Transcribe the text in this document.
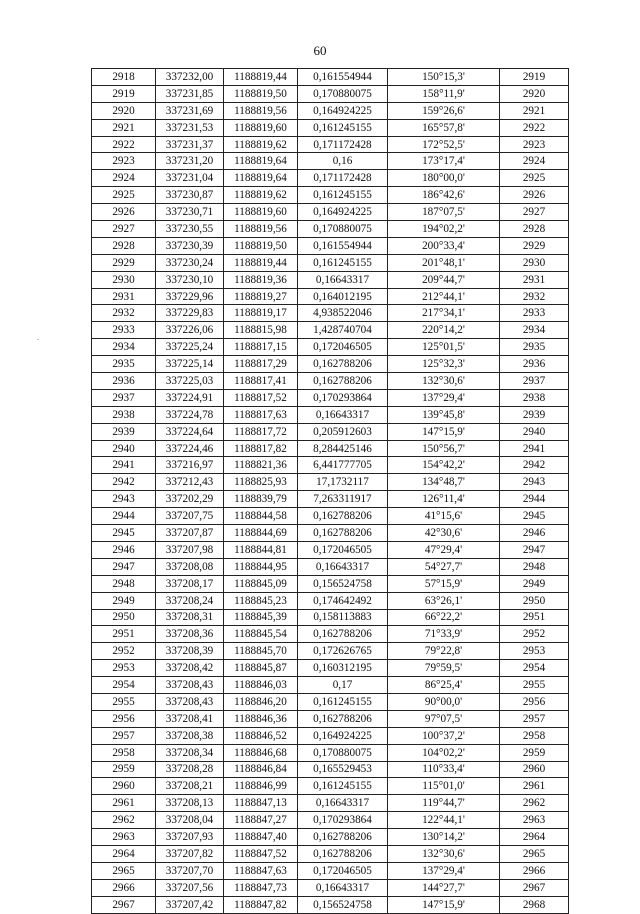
60
.
2918	337232,00	1188819,44	0,161554944	150°15,3'	2919
2919	337231,85	1188819,50	0,170880075	158°11,9'	2920
2920	337231,69	1188819,56	0,164924225	159°26,6'	2921
2921	337231,53	1188819,60	0,161245155	165°57,8'	2922
2922	337231,37	1188819,62	0,171172428	172°52,5'	2923
2923	337231,20	1188819,64	0,16	173°17,4'	2924
2924	337231,04	1188819,64	0,171172428	180°00,0'	2925
2925	337230,87	1188819,62	0,161245155	186°42,6'	2926
2926	337230,71	1188819,60	0,164924225	187°07,5'	2927
2927	337230,55	1188819,56	0,170880075	194°02,2'	2928
2928	337230,39	1188819,50	0,161554944	200°33,4'	2929
2929	337230,24	1188819,44	0,161245155	201°48,1'	2930
2930	337230,10	1188819,36	0,16643317	209°44,7'	2931
2931	337229,96	1188819,27	0,164012195	212°44,1'	2932
2932	337229,83	1188819,17	4,938522046	217°34,1'	2933
2933	337226,06	1188815,98	1,428740704	220°14,2'	2934
2934	337225,24	1188817,15	0,172046505	125°01,5'	2935
2935	337225,14	1188817,29	0,162788206	125°32,3'	2936
2936	337225,03	1188817,41	0,162788206	132°30,6'	2937
2937	337224,91	1188817,52	0,170293864	137°29,4'	2938
2938	337224,78	1188817,63	0,16643317	139°45,8'	2939
2939	337224,64	1188817,72	0,205912603	147°15,9'	2940
2940	337224,46	1188817,82	8,284425146	150°56,7'	2941
2941	337216,97	1188821,36	6,441777705	154°42,2'	2942
2942	337212,43	1188825,93	17,1732117	134°48,7'	2943
2943	337202,29	1188839,79	7,263311917	126°11,4'	2944
2944	337207,75	1188844,58	0,162788206	41°15,6'	2945
2945	337207,87	1188844,69	0,162788206	42°30,6'	2946
2946	337207,98	1188844,81	0,172046505	47°29,4'	2947
2947	337208,08	1188844,95	0,16643317	54°27,7'	2948
2948	337208,17	1188845,09	0,156524758	57°15,9'	2949
2949	337208,24	1188845,23	0,174642492	63°26,1'	2950
2950	337208,31	1188845,39	0,158113883	66°22,2'	2951
2951	337208,36	1188845,54	0,162788206	71°33,9'	2952
2952	337208,39	1188845,70	0,172626765	79°22,8'	2953
2953	337208,42	1188845,87	0,160312195	79°59,5'	2954
2954	337208,43	1188846,03	0,17	86°25,4'	2955
2955	337208,43	1188846,20	0,161245155	90°00,0'	2956
2956	337208,41	1188846,36	0,162788206	97°07,5'	2957
2957	337208,38	1188846,52	0,164924225	100°37,2'	2958
2958	337208,34	1188846,68	0,170880075	104°02,2'	2959
2959	337208,28	1188846,84	0,165529453	110°33,4'	2960
2960	337208,21	1188846,99	0,161245155	115°01,0'	2961
2961	337208,13	1188847,13	0,16643317	119°44,7'	2962
2962	337208,04	1188847,27	0,170293864	122°44,1'	2963
2963	337207,93	1188847,40	0,162788206	130°14,2'	2964
2964	337207,82	1188847,52	0,162788206	132°30,6'	2965
2965	337207,70	1188847,63	0,172046505	137°29,4'	2966
2966	337207,56	1188847,73	0,16643317	144°27,7'	2967
2967	337207,42	1188847,82	0,156524758	147°15,9'	2968
